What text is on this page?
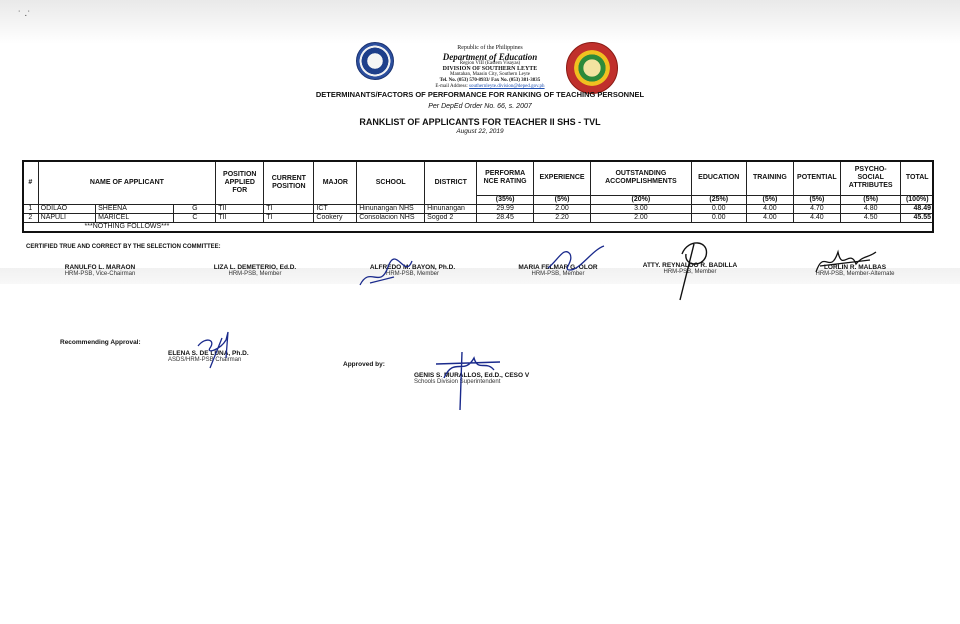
˙ ·˙
Republic of the Philippines
Department of Education
Region VIII (Eastern Visayas)
DIVISION OF SOUTHERN LEYTE
Mantahan, Maasin City, Southern Leyte
Tel. No. (053) 570-8933/ Fax No. (053) 381-3835
E-mail Address: southernleyte.division@deped.gov.ph
DETERMINANTS/FACTORS OF PERFORMANCE FOR RANKING OF TEACHING PERSONNEL
Per DepEd Order No. 66, s. 2007
RANKLIST OF APPLICANTS FOR TEACHER II SHS - TVL
August 22, 2019
#	NAME OF APPLICANT			POSITION APPLIED FOR	CURRENT POSITION	MAJOR	SCHOOL	DISTRICT	PERFORMA NCE RATING	EXPERIENCE	OUTSTANDING ACCOMPLISHMENTS	EDUCATION	TRAINING	POTENTIAL	PSYCHO-SOCIAL ATTRIBUTES	TOTAL
									(35%)	(5%)	(20%)	(25%)	(5%)	(5%)	(5%)	(100%)
1	ODILAO	SHEENA	G	TII	TI	ICT	Hinunangan NHS	Hinunangan	29.99	2.00	3.00	0.00	4.00	4.70	4.80	48.49
2	NAPULI	MARICEL	C	TII	TI	Cookery	Consolacion NHS	Sogod 2	28.45	2.20	2.00	0.00	4.00	4.40	4.50	45.55
	***NOTHING FOLLOWS***															
CERTIFIED TRUE AND CORRECT BY THE SELECTION COMMITTEE:
RANULFO L. MARAON
HRM-PSB, Vice-Chairman
LIZA L. DEMETERIO, Ed.D.
HRM-PSB, Member
ALFREDO M. BAYON, Ph.D.
HRM-PSB, Member
MARIA FELMAR G. OLOR
HRM-PSB, Member
ATTY. REYNALDO R. BADILLA
HRM-PSB, Member
LORLIN R. MALBAS
HRM-PSB, Member-Alternate
Recommending Approval:
ELENA S. DE LUNA, Ph.D.
ASDS/HRM-PSB Chairman
Approved by:
GENIS S. MURALLOS, Ed.D., CESO V
Schools Division Superintendent
